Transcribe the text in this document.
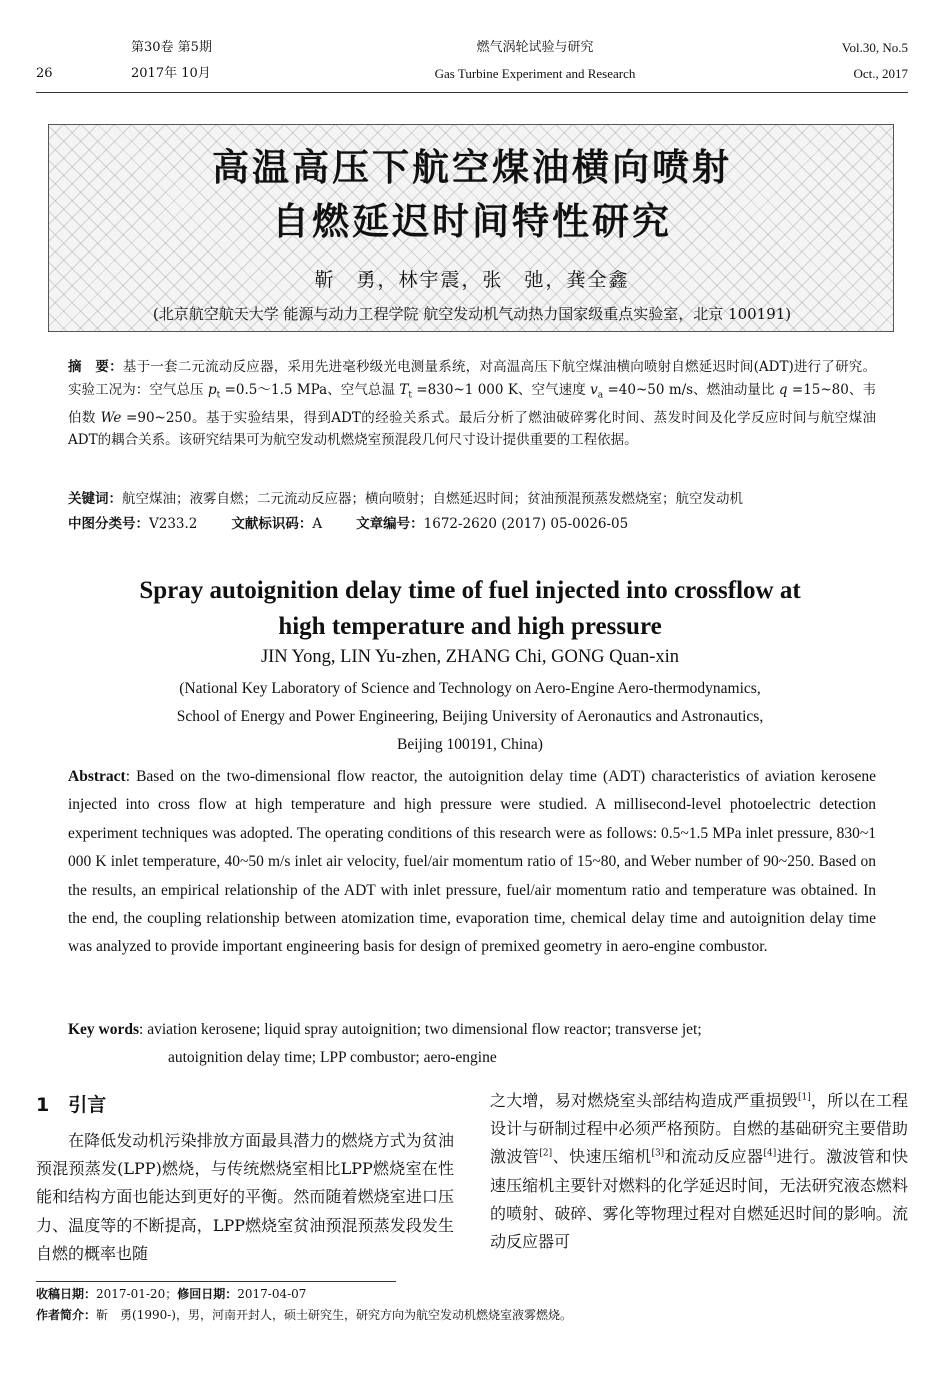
26
第30卷 第5期
2017年 10月
燃气涡轮试验与研究
Gas Turbine Experiment and Research
Vol.30, No.5
Oct., 2017
高温高压下航空煤油横向喷射
自燃延迟时间特性研究
靳　勇，林宇震，张　弛，龚全鑫
(北京航空航天大学 能源与动力工程学院 航空发动机气动热力国家级重点实验室，北京 100191)
摘　要：基于一套二元流动反应器，采用先进毫秒级光电测量系统，对高温高压下航空煤油横向喷射自燃延迟时间(ADT)进行了研究。实验工况为：空气总压 $p_t$ =0.5～1.5 MPa、空气总温 $T_t$ =830~1 000 K、空气速度 $v_a$ =40~50 m/s、燃油动量比 q =15~80、韦伯数 We =90~250。基于实验结果，得到ADT的经验关系式。最后分析了燃油破碎雾化时间、蒸发时间及化学反应时间与航空煤油ADT的耦合关系。该研究结果可为航空发动机燃烧室预混段几何尺寸设计提供重要的工程依据。
关键词：航空煤油；液雾自燃；二元流动反应器；横向喷射；自燃延迟时间；贫油预混预蒸发燃烧室；航空发动机
中图分类号：V233.2	文献标识码：A	文章编号：1672-2620 (2017) 05-0026-05
Spray autoignition delay time of fuel injected into crossflow at
high temperature and high pressure
JIN Yong, LIN Yu-zhen, ZHANG Chi, GONG Quan-xin
(National Key Laboratory of Science and Technology on Aero-Engine Aero-thermodynamics,
School of Energy and Power Engineering, Beijing University of Aeronautics and Astronautics,
Beijing 100191, China)
Abstract: Based on the two-dimensional flow reactor, the autoignition delay time (ADT) characteristics of aviation kerosene injected into cross flow at high temperature and high pressure were studied. A millisecond-level photoelectric detection experiment techniques was adopted. The operating conditions of this research were as follows: 0.5~1.5 MPa inlet pressure, 830~1 000 K inlet temperature, 40~50 m/s inlet air velocity, fuel/air momentum ratio of 15~80, and Weber number of 90~250. Based on the results, an empirical relationship of the ADT with inlet pressure, fuel/air momentum ratio and temperature was obtained. In the end, the coupling relationship between atomization time, evaporation time, chemical delay time and autoignition delay time was analyzed to provide important engineering basis for design of premixed geometry in aero-engine combustor.
Key words: aviation kerosene; liquid spray autoignition; two dimensional flow reactor; transverse jet;
autoignition delay time; LPP combustor; aero-engine
1　引言
在降低发动机污染排放方面最具潜力的燃烧方式为贫油预混预蒸发(LPP)燃烧，与传统燃烧室相比LPP燃烧室在性能和结构方面也能达到更好的平衡。然而随着燃烧室进口压力、温度等的不断提高，LPP燃烧室贫油预混预蒸发段发生自燃的概率也随
之大增，易对燃烧室头部结构造成严重损毁[1]，所以在工程设计与研制过程中必须严格预防。自燃的基础研究主要借助激波管[2]、快速压缩机[3]和流动反应器[4]进行。激波管和快速压缩机主要针对燃料的化学延迟时间，无法研究液态燃料的喷射、破碎、雾化等物理过程对自燃延迟时间的影响。流动反应器可
收稿日期：2017-01-20；修回日期：2017-04-07
作者简介：靳　勇(1990-)，男，河南开封人，硕士研究生，研究方向为航空发动机燃烧室液雾燃烧。
